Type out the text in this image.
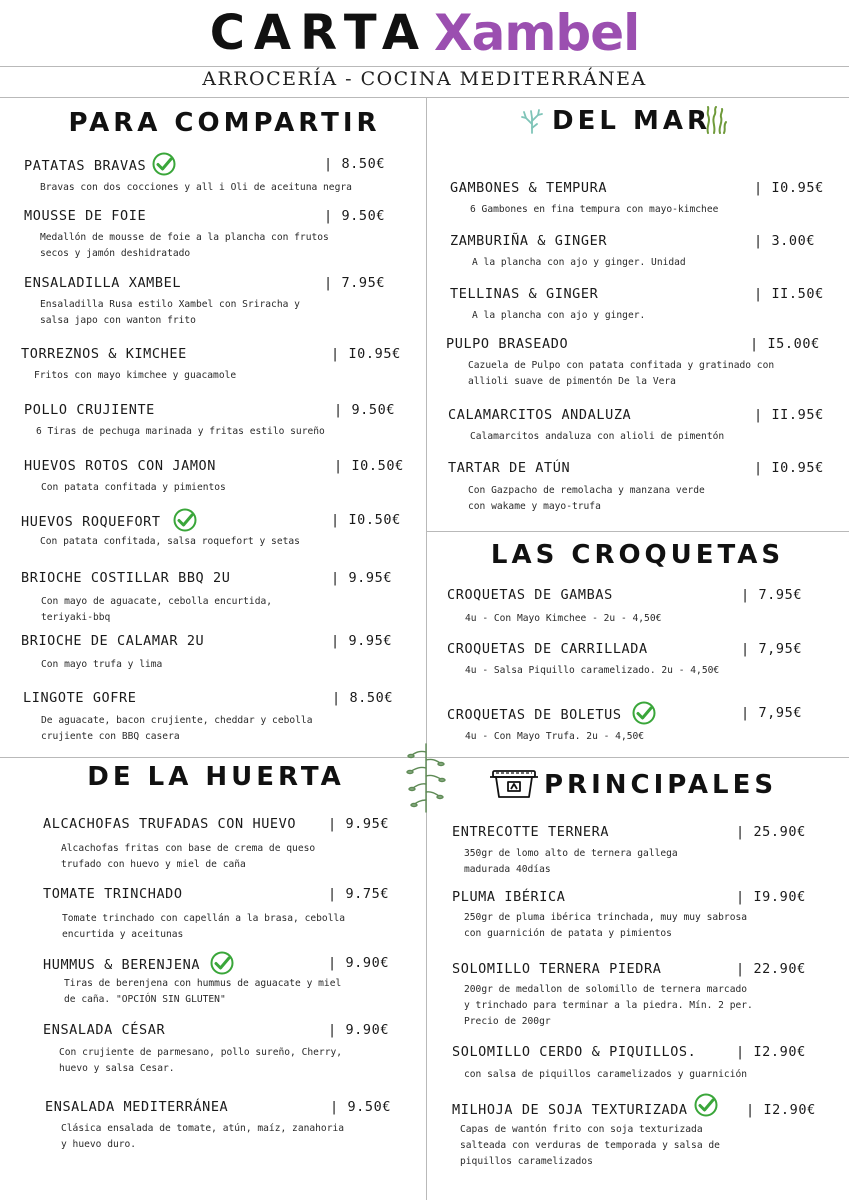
CARTA Xambel
ARROCERÍA - COCINA MEDITERRÁNEA
PARA COMPARTIR
PATATAS BRAVAS	| 8.50€
Bravas con dos cocciones y all i Oli de aceituna negra
MOUSSE DE FOIE	| 9.50€
Medallón de mousse de foie a la plancha con frutos
secos y jamón deshidratado
ENSALADILLA XAMBEL	| 7.95€
Ensaladilla Rusa estilo Xambel con Sriracha y
salsa japo con wanton frito
TORREZNOS & KIMCHEE	| I0.95€
Fritos con mayo kimchee y guacamole
POLLO CRUJIENTE	| 9.50€
6 Tiras de pechuga marinada y fritas estilo sureño
HUEVOS ROTOS CON JAMON	| I0.50€
Con patata confitada y pimientos
HUEVOS ROQUEFORT	| I0.50€
Con patata confitada, salsa roquefort y setas
BRIOCHE COSTILLAR BBQ 2U	| 9.95€
Con mayo de aguacate, cebolla encurtida,
teriyaki-bbq
BRIOCHE DE CALAMAR 2U	| 9.95€
Con mayo trufa y lima
LINGOTE GOFRE	| 8.50€
De aguacate, bacon crujiente, cheddar y cebolla
crujiente con BBQ casera
DEL MAR
GAMBONES & TEMPURA	| I0.95€
6 Gambones en fina tempura con mayo-kimchee
ZAMBURIÑA & GINGER	| 3.00€
A la plancha con ajo y ginger. Unidad
TELLINAS & GINGER	| II.50€
A la plancha con ajo y ginger.
PULPO BRASEADO	| I5.00€
Cazuela de Pulpo con patata confitada y gratinado con
allioli suave de pimentón De la Vera
CALAMARCITOS ANDALUZA	| II.95€
Calamarcitos andaluza con alioli de pimentón
TARTAR DE ATÚN	| I0.95€
Con Gazpacho de remolacha y manzana verde
con wakame y mayo-trufa
LAS CROQUETAS
CROQUETAS DE GAMBAS	| 7.95€
4u - Con Mayo Kimchee - 2u - 4,50€
CROQUETAS DE CARRILLADA	| 7,95€
4u - Salsa Piquillo caramelizado. 2u - 4,50€
CROQUETAS DE BOLETUS	| 7,95€
4u - Con Mayo Trufa. 2u - 4,50€
DE LA HUERTA
ALCACHOFAS TRUFADAS CON HUEVO | 9.95€
Alcachofas fritas con base de crema de queso
trufado con huevo y miel de caña
TOMATE TRINCHADO	| 9.75€
Tomate trinchado con capellán a la brasa, cebolla
encurtida y aceitunas
HUMMUS & BERENJENA	| 9.90€
Tiras de berenjena con hummus de aguacate y miel
de caña. "OPCIÓN SIN GLUTEN"
ENSALADA CÉSAR	| 9.90€
Con crujiente de parmesano, pollo sureño, Cherry,
huevo y salsa Cesar.
ENSALADA MEDITERRÁNEA	| 9.50€
Clásica ensalada de tomate, atún, maíz, zanahoria
y huevo duro.
PRINCIPALES
ENTRECOTTE TERNERA	| 25.90€
350gr de lomo alto de ternera gallega
madurada 40días
PLUMA IBÉRICA	| I9.90€
250gr de pluma ibérica trinchada, muy muy sabrosa
con guarnición de patata y pimientos
SOLOMILLO TERNERA PIEDRA	| 22.90€
200gr de medallon de solomillo de ternera marcado
y trinchado para terminar a la piedra. Mín. 2 per.
Precio de 200gr
SOLOMILLO CERDO & PIQUILLOS.	| I2.90€
con salsa de piquillos caramelizados y guarnición
MILHOJA DE SOJA TEXTURIZADA	| I2.90€
Capas de wantón frito con soja texturizada
salteada con verduras de temporada y salsa de
piquillos caramelizados
